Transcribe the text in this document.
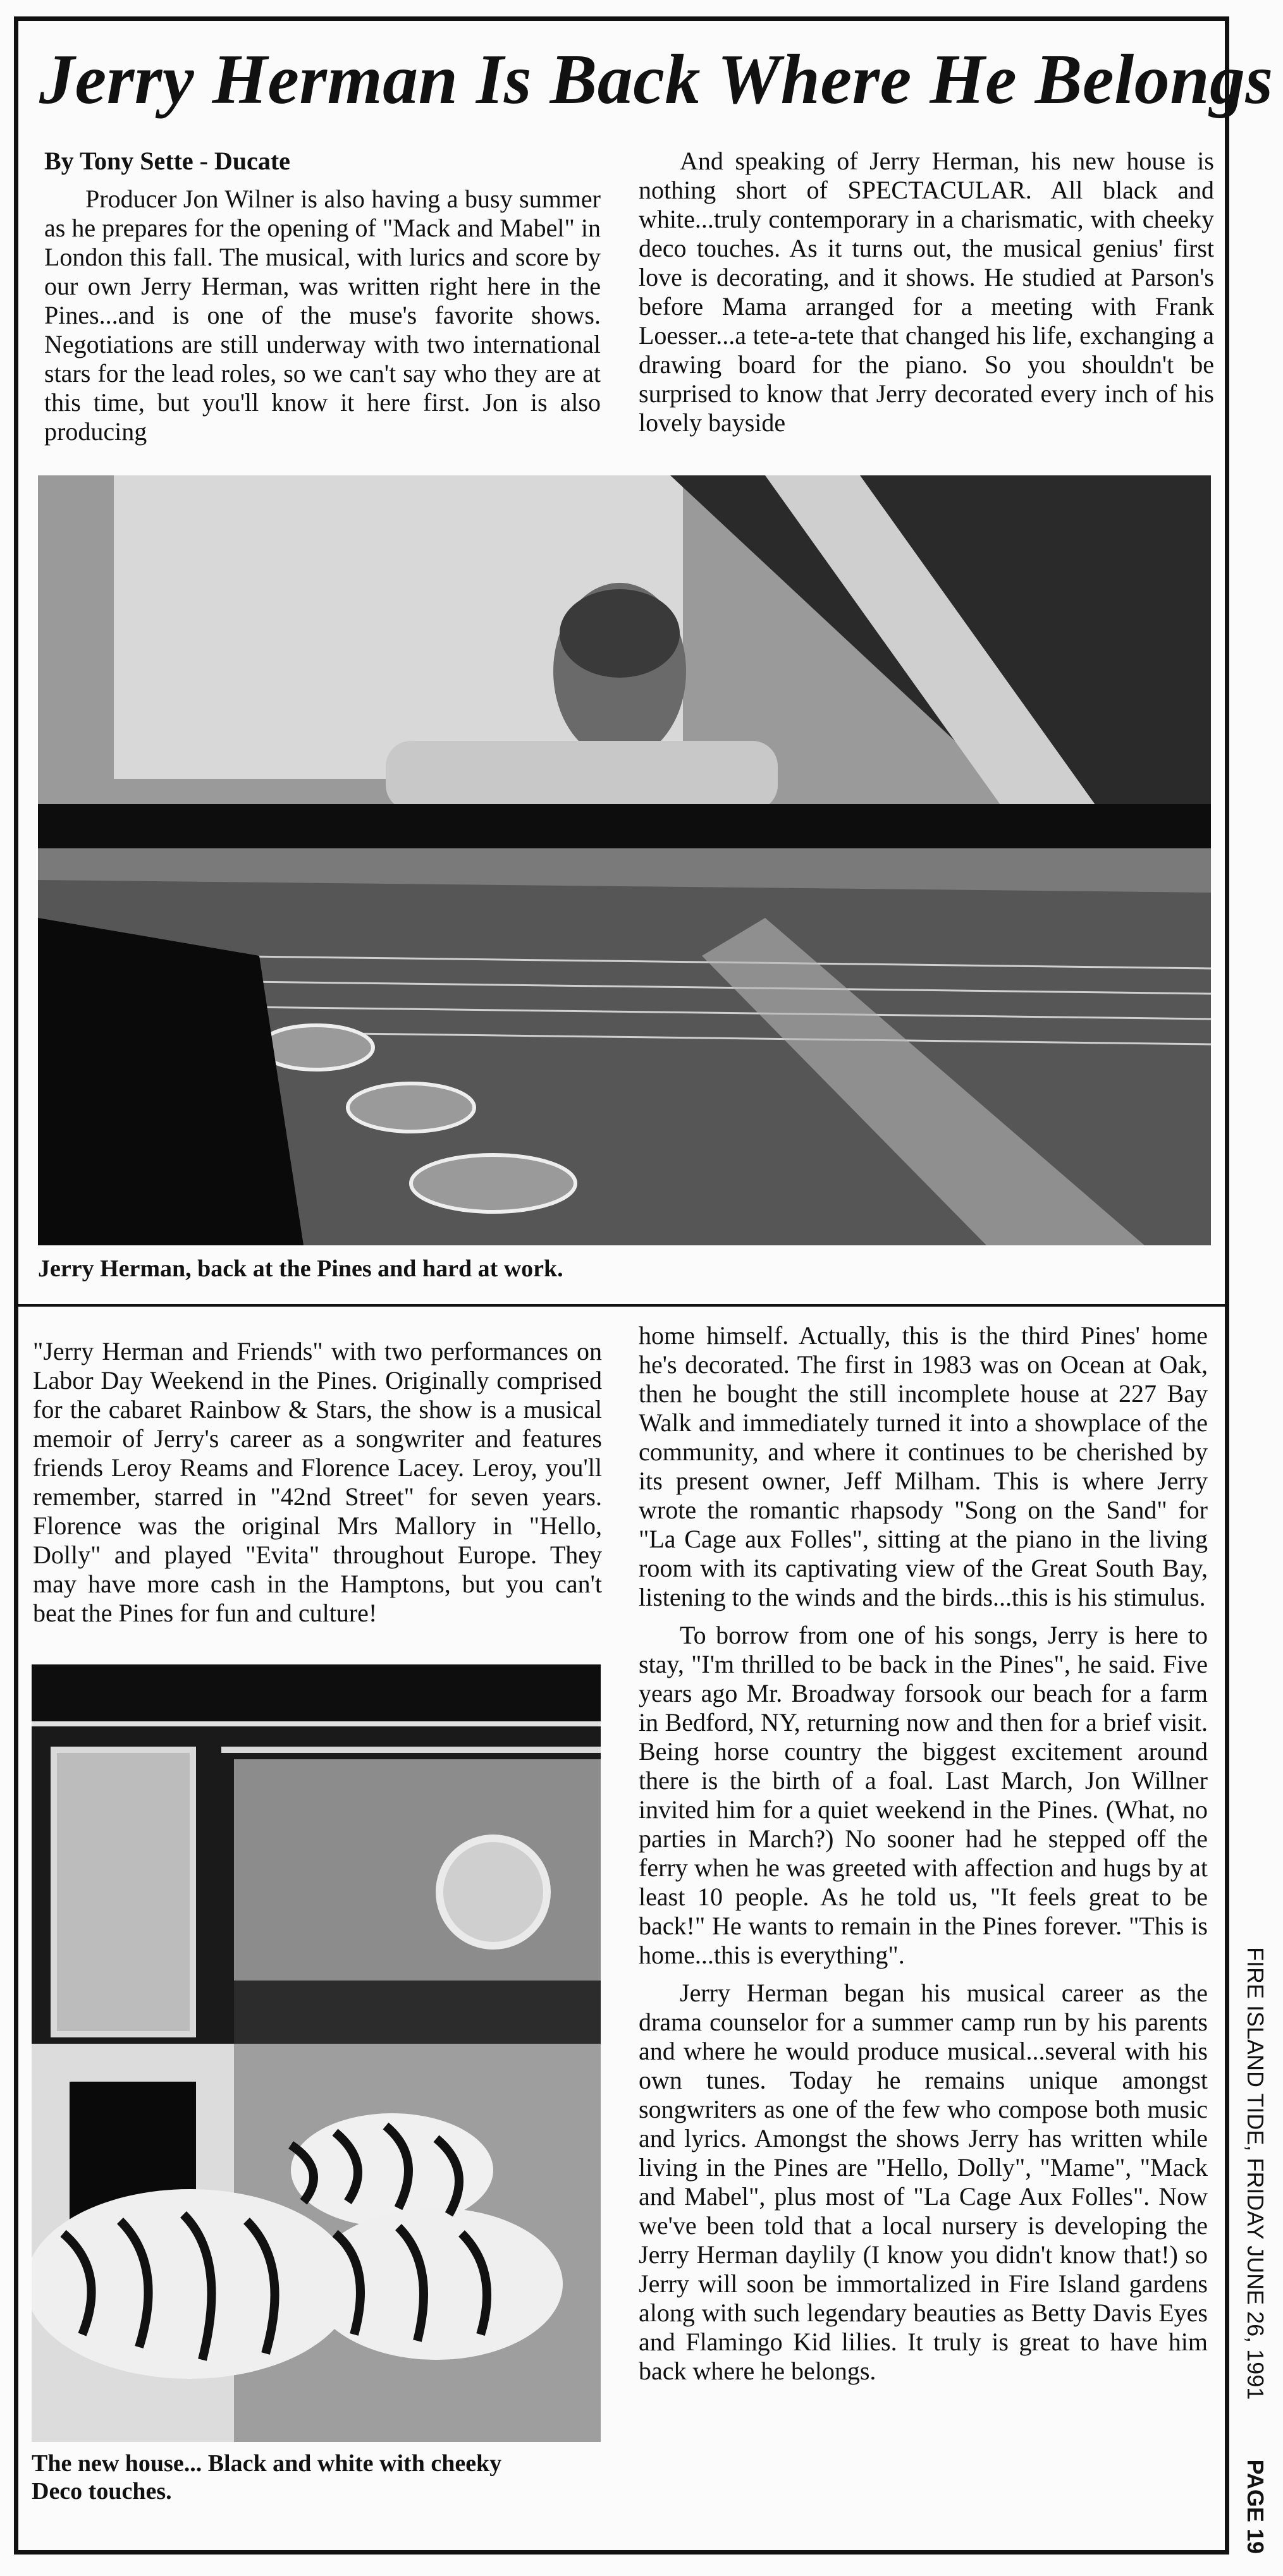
Jerry Herman Is Back Where He Belongs

By Tony Sette - Ducate

Producer Jon Wilner is also having a busy summer as he prepares for the opening of "Mack and Mabel" in London this fall. The musical, with lurics and score by our own Jerry Herman, was written right here in the Pines...and is one of the muse's favorite shows. Negotiations are still underway with two international stars for the lead roles, so we can't say who they are at this time, but you'll know it here first. Jon is also producing

And speaking of Jerry Herman, his new house is nothing short of SPECTACULAR. All black and white...truly contemporary in a charismatic, with cheeky deco touches. As it turns out, the musical genius' first love is decorating, and it shows. He studied at Parson's before Mama arranged for a meeting with Frank Loesser...a tete-a-tete that changed his life, exchanging a drawing board for the piano. So you shouldn't be surprised to know that Jerry decorated every inch of his lovely bayside

Jerry Herman, back at the Pines and hard at work.

"Jerry Herman and Friends" with two performances on Labor Day Weekend in the Pines. Originally comprised for the cabaret Rainbow & Stars, the show is a musical memoir of Jerry's career as a songwriter and features friends Leroy Reams and Florence Lacey. Leroy, you'll remember, starred in "42nd Street" for seven years. Florence was the original Mrs Mallory in "Hello, Dolly" and played "Evita" throughout Europe. They may have more cash in the Hamptons, but you can't beat the Pines for fun and culture!

The new house... Black and white with cheeky
Deco touches.

home himself. Actually, this is the third Pines' home he's decorated. The first in 1983 was on Ocean at Oak, then he bought the still incomplete house at 227 Bay Walk and immediately turned it into a showplace of the community, and where it continues to be cherished by its present owner, Jeff Milham. This is where Jerry wrote the romantic rhapsody "Song on the Sand" for "La Cage aux Folles", sitting at the piano in the living room with its captivating view of the Great South Bay, listening to the winds and the birds...this is his stimulus.

To borrow from one of his songs, Jerry is here to stay, "I'm thrilled to be back in the Pines", he said. Five years ago Mr. Broadway forsook our beach for a farm in Bedford, NY, returning now and then for a brief visit. Being horse country the biggest excitement around there is the birth of a foal. Last March, Jon Willner invited him for a quiet weekend in the Pines. (What, no parties in March?) No sooner had he stepped off the ferry when he was greeted with affection and hugs by at least 10 people. As he told us, "It feels great to be back!" He wants to remain in the Pines forever. "This is home...this is everything".

Jerry Herman began his musical career as the drama counselor for a summer camp run by his parents and where he would produce musical...several with his own tunes. Today he remains unique amongst songwriters as one of the few who compose both music and lyrics. Amongst the shows Jerry has written while living in the Pines are "Hello, Dolly", "Mame", "Mack and Mabel", plus most of "La Cage Aux Folles". Now we've been told that a local nursery is developing the Jerry Herman daylily (I know you didn't know that!) so Jerry will soon be immortalized in Fire Island gardens along with such legendary beauties as Betty Davis Eyes and Flamingo Kid lilies. It truly is great to have him back where he belongs.	FIRE ISLAND TIDE, FRIDAY JUNE 26, 1991
PAGE 19
